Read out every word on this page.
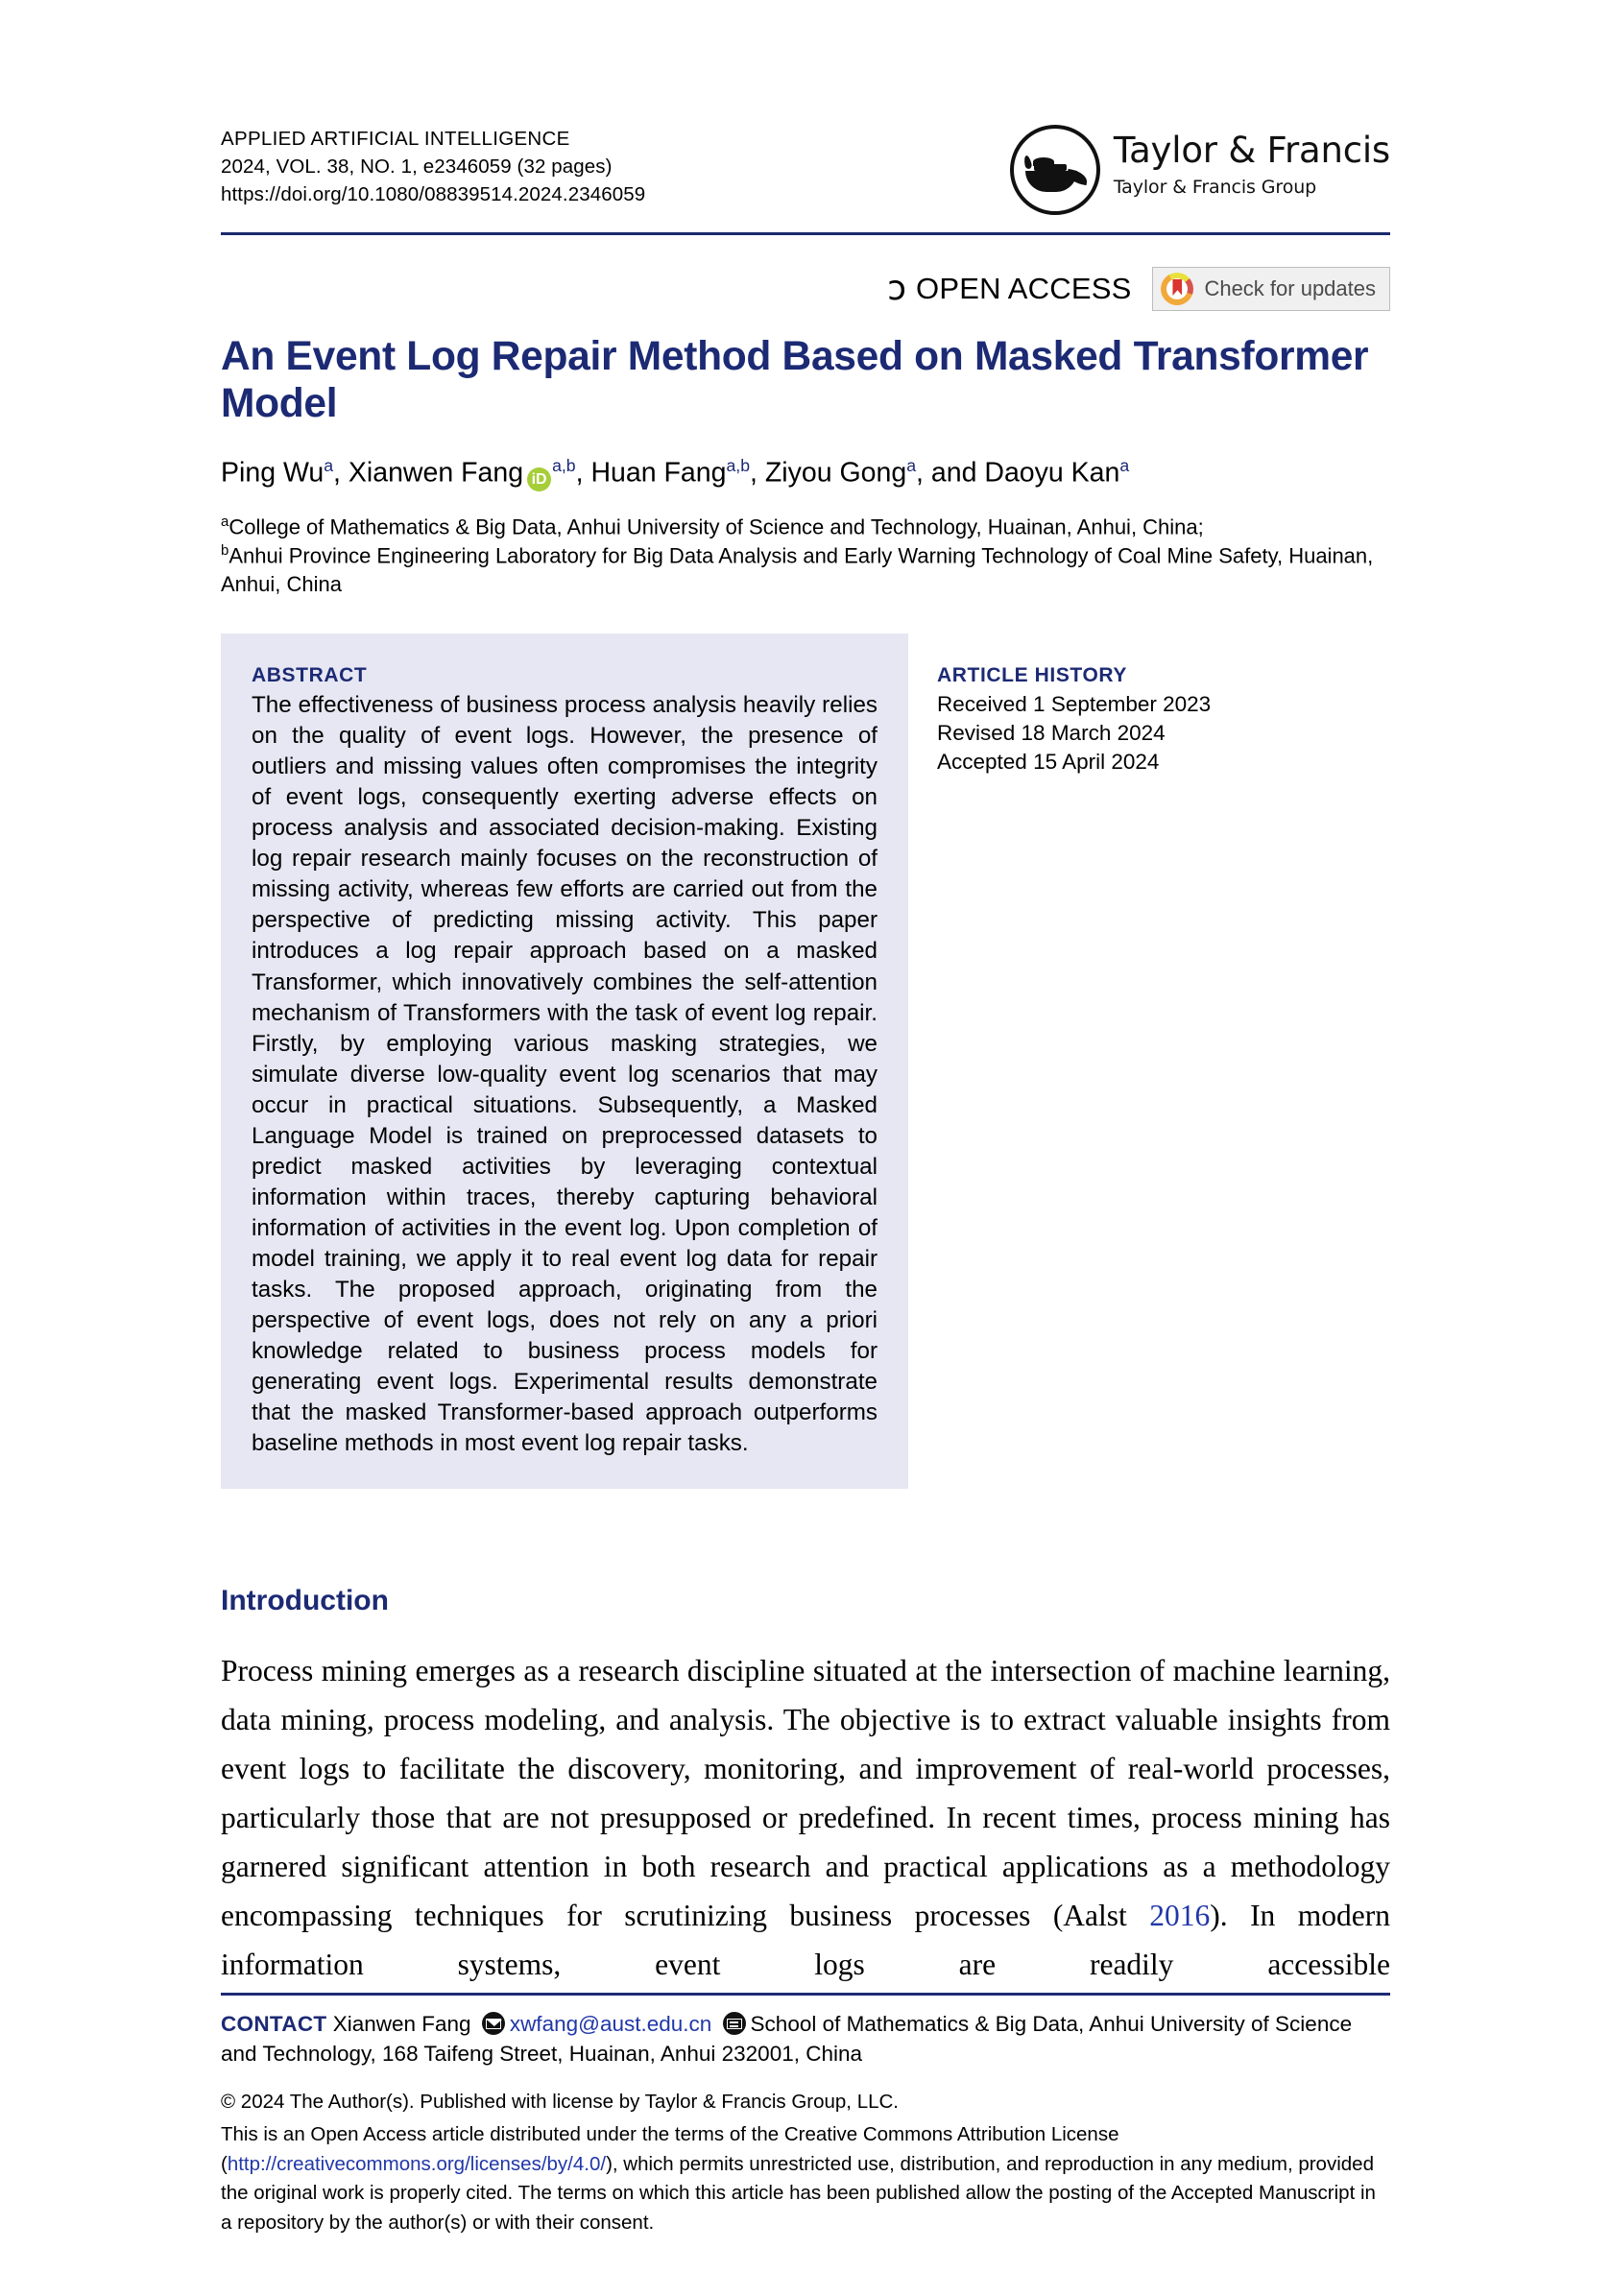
APPLIED ARTIFICIAL INTELLIGENCE
2024, VOL. 38, NO. 1, e2346059 (32 pages)
https://doi.org/10.1080/08839514.2024.2346059
Taylor & Francis
Taylor & Francis Group
ɔ OPEN ACCESS	Check for updates
An Event Log Repair Method Based on Masked Transformer Model
Ping Wu$^a$, Xianwen Fang iD$^{a,b}$, Huan Fang$^{a,b}$, Ziyou Gong$^a$, and Daoyu Kan$^a$
$^a$College of Mathematics & Big Data, Anhui University of Science and Technology, Huainan, Anhui, China;
$^b$Anhui Province Engineering Laboratory for Big Data Analysis and Early Warning Technology of Coal Mine Safety, Huainan, Anhui, China
ABSTRACT
The effectiveness of business process analysis heavily relies on the quality of event logs. However, the presence of outliers and missing values often compromises the integrity of event logs, consequently exerting adverse effects on process analysis and associated decision-making. Existing log repair research mainly focuses on the reconstruction of missing activity, whereas few efforts are carried out from the perspective of predicting missing activity. This paper introduces a log repair approach based on a masked Transformer, which innovatively combines the self-attention mechanism of Transformers with the task of event log repair. Firstly, by employing various masking strategies, we simulate diverse low-quality event log scenarios that may occur in practical situations. Subsequently, a Masked Language Model is trained on preprocessed datasets to predict masked activities by leveraging contextual information within traces, thereby capturing behavioral information of activities in the event log. Upon completion of model training, we apply it to real event log data for repair tasks. The proposed approach, originating from the perspective of event logs, does not rely on any a priori knowledge related to business process models for generating event logs. Experimental results demonstrate that the masked Transformer-based approach outperforms baseline methods in most event log repair tasks.
ARTICLE HISTORY
Received 1 September 2023
Revised 18 March 2024
Accepted 15 April 2024
Introduction

Process mining emerges as a research discipline situated at the intersection of machine learning, data mining, process modeling, and analysis. The objective is to extract valuable insights from event logs to facilitate the discovery, monitoring, and improvement of real-world processes, particularly those that are not presupposed or predefined. In recent times, process mining has garnered significant attention in both research and practical applications as a methodology encompassing techniques for scrutinizing business processes (Aalst 2016). In modern information systems, event logs are readily accessible

CONTACT Xianwen Fang xwfang@aust.edu.cn School of Mathematics & Big Data, Anhui University of Science and Technology, 168 Taifeng Street, Huainan, Anhui 232001, China
© 2024 The Author(s). Published with license by Taylor & Francis Group, LLC.
This is an Open Access article distributed under the terms of the Creative Commons Attribution License (http://creativecommons.org/licenses/by/4.0/), which permits unrestricted use, distribution, and reproduction in any medium, provided the original work is properly cited. The terms on which this article has been published allow the posting of the Accepted Manuscript in a repository by the author(s) or with their consent.
